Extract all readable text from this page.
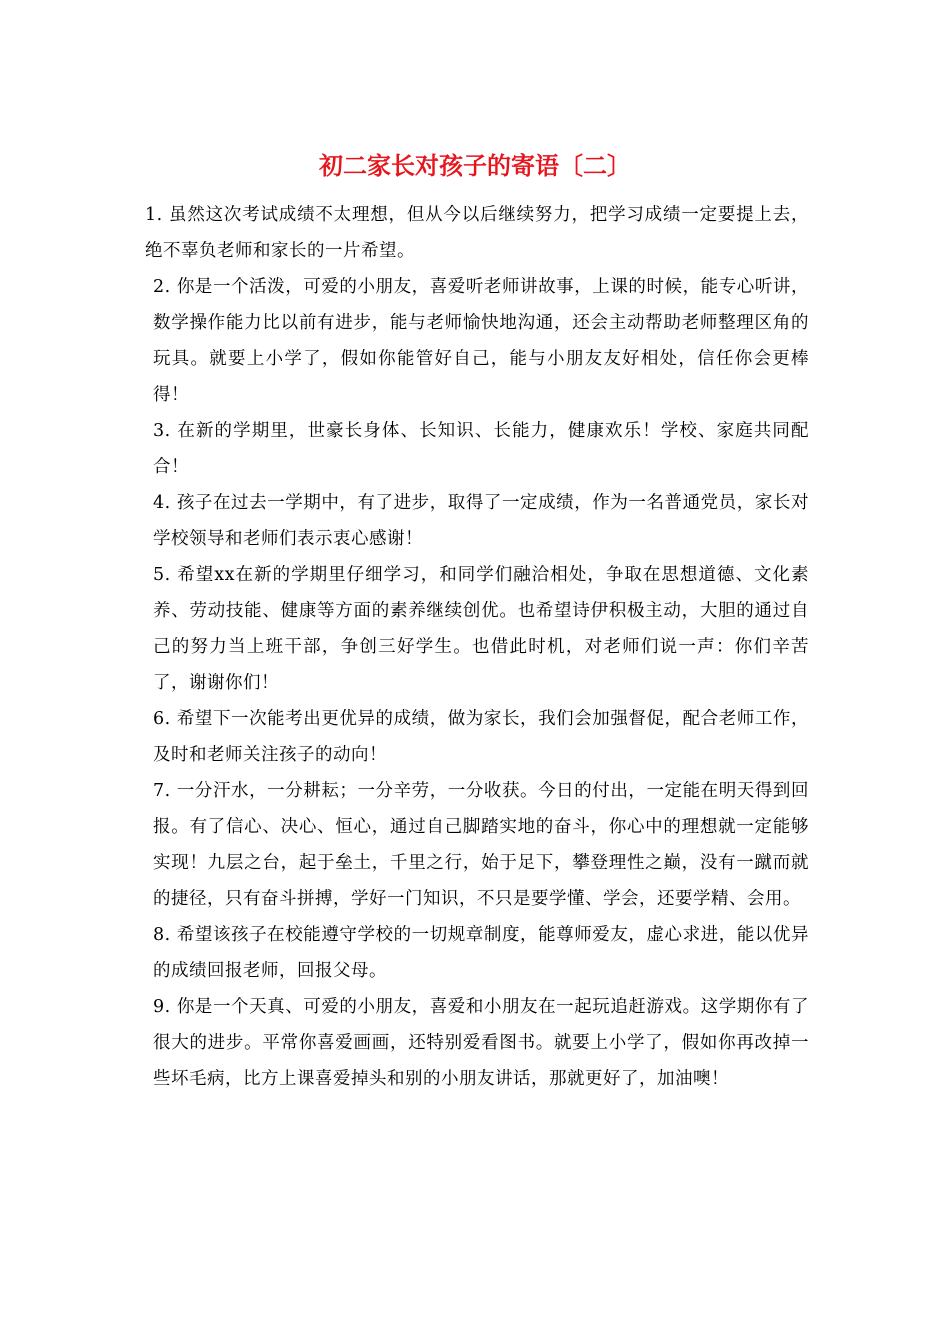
初二家长对孩子的寄语〔二〕

1. 虽然这次考试成绩不太理想，但从今以后继续努力，把学习成绩一定要提上去，绝不辜负老师和家长的一片希望。

2. 你是一个活泼，可爱的小朋友，喜爱听老师讲故事，上课的时候，能专心听讲，数学操作能力比以前有进步，能与老师愉快地沟通，还会主动帮助老师整理区角的玩具。就要上小学了，假如你能管好自己，能与小朋友友好相处，信任你会更棒得！

3. 在新的学期里，世豪长身体、长知识、长能力，健康欢乐！学校、家庭共同配合！

4. 孩子在过去一学期中，有了进步，取得了一定成绩，作为一名普通党员，家长对学校领导和老师们表示衷心感谢！

5. 希望xx在新的学期里仔细学习，和同学们融洽相处，争取在思想道德、文化素养、劳动技能、健康等方面的素养继续创优。也希望诗伊积极主动，大胆的通过自己的努力当上班干部，争创三好学生。也借此时机，对老师们说一声：你们辛苦了，谢谢你们！

6. 希望下一次能考出更优异的成绩，做为家长，我们会加强督促，配合老师工作，及时和老师关注孩子的动向！

7. 一分汗水，一分耕耘；一分辛劳，一分收获。今日的付出，一定能在明天得到回报。有了信心、决心、恒心，通过自己脚踏实地的奋斗，你心中的理想就一定能够实现！九层之台，起于垒土，千里之行，始于足下，攀登理性之巅，没有一蹴而就的捷径，只有奋斗拼搏，学好一门知识，不只是要学懂、学会，还要学精、会用。

8. 希望该孩子在校能遵守学校的一切规章制度，能尊师爱友，虚心求进，能以优异的成绩回报老师，回报父母。

9. 你是一个天真、可爱的小朋友，喜爱和小朋友在一起玩追赶游戏。这学期你有了很大的进步。平常你喜爱画画，还特别爱看图书。就要上小学了，假如你再改掉一些坏毛病，比方上课喜爱掉头和别的小朋友讲话，那就更好了，加油噢！
